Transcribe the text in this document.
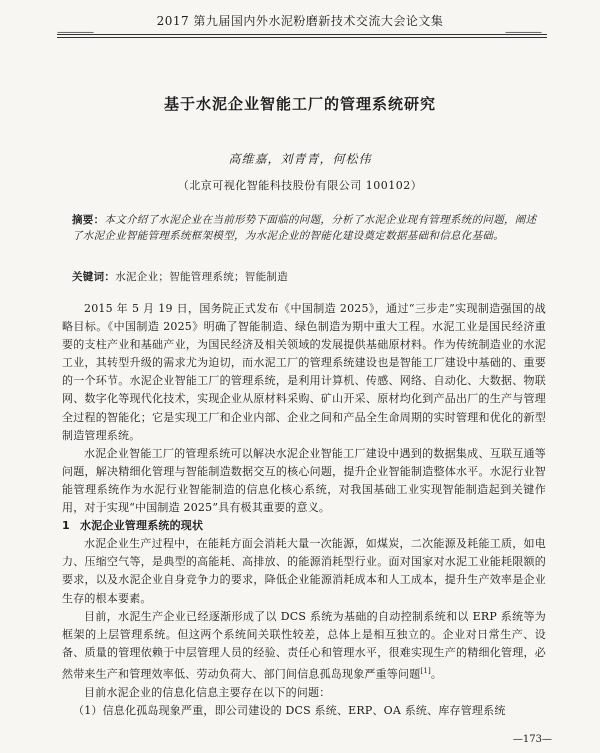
2017 第九届国内外水泥粉磨新技术交流大会论文集
————	————
基于水泥企业智能工厂的管理系统研究
高维嘉，刘青青，何松伟
（北京可视化智能科技股份有限公司 100102）
摘要：本文介绍了水泥企业在当前形势下面临的问题，分析了水泥企业现有管理系统的问题，阐述了水泥企业智能管理系统框架模型，为水泥企业的智能化建设奠定数据基础和信息化基础。
关键词：水泥企业；智能管理系统；智能制造

2015 年 5 月 19 日，国务院正式发布《中国制造 2025》，通过“三步走”实现制造强国的战略目标。《中国制造 2025》明确了智能制造、绿色制造为期中重大工程。水泥工业是国民经济重要的支柱产业和基础产业，为国民经济及相关领域的发展提供基础原材料。作为传统制造业的水泥工业，其转型升级的需求尤为迫切，而水泥工厂的管理系统建设也是智能工厂建设中基础的、重要的一个环节。水泥企业智能工厂的管理系统，是利用计算机、传感、网络、自动化、大数据、物联网、数字化等现代化技术，实现企业从原材料采购、矿山开采、原材均化到产品出厂的生产与管理全过程的智能化；它是实现工厂和企业内部、企业之间和产品全生命周期的实时管理和优化的新型制造管理系统。

水泥企业智能工厂的管理系统可以解决水泥企业智能工厂建设中遇到的数据集成、互联互通等问题，解决精细化管理与智能制造数据交互的核心问题，提升企业智能制造整体水平。水泥行业智能管理系统作为水泥行业智能制造的信息化核心系统，对我国基础工业实现智能制造起到关键作用，对于实现“中国制造 2025”具有极其重要的意义。

1 水泥企业管理系统的现状

水泥企业生产过程中，在能耗方面会消耗大量一次能源，如煤炭，二次能源及耗能工质，如电力、压缩空气等，是典型的高能耗、高排放、的能源消耗型行业。面对国家对水泥工业能耗限额的要求，以及水泥企业自身竞争力的要求，降低企业能源消耗成本和人工成本，提升生产效率是企业生存的根本要素。

目前，水泥生产企业已经逐渐形成了以 DCS 系统为基础的自动控制系统和以 ERP 系统等为框架的上层管理系统。但这两个系统间关联性较差，总体上是相互独立的。企业对日常生产、设备、质量的管理依赖于中层管理人员的经验、责任心和管理水平，很难实现生产的精细化管理，必然带来生产和管理效率低、劳动负荷大、部门间信息孤岛现象严重等问题[1]。

目前水泥企业的信息化信息主要存在以下的问题：

（1）信息化孤岛现象严重，即公司建设的 DCS 系统、ERP、OA 系统、库存管理系统

—173—
